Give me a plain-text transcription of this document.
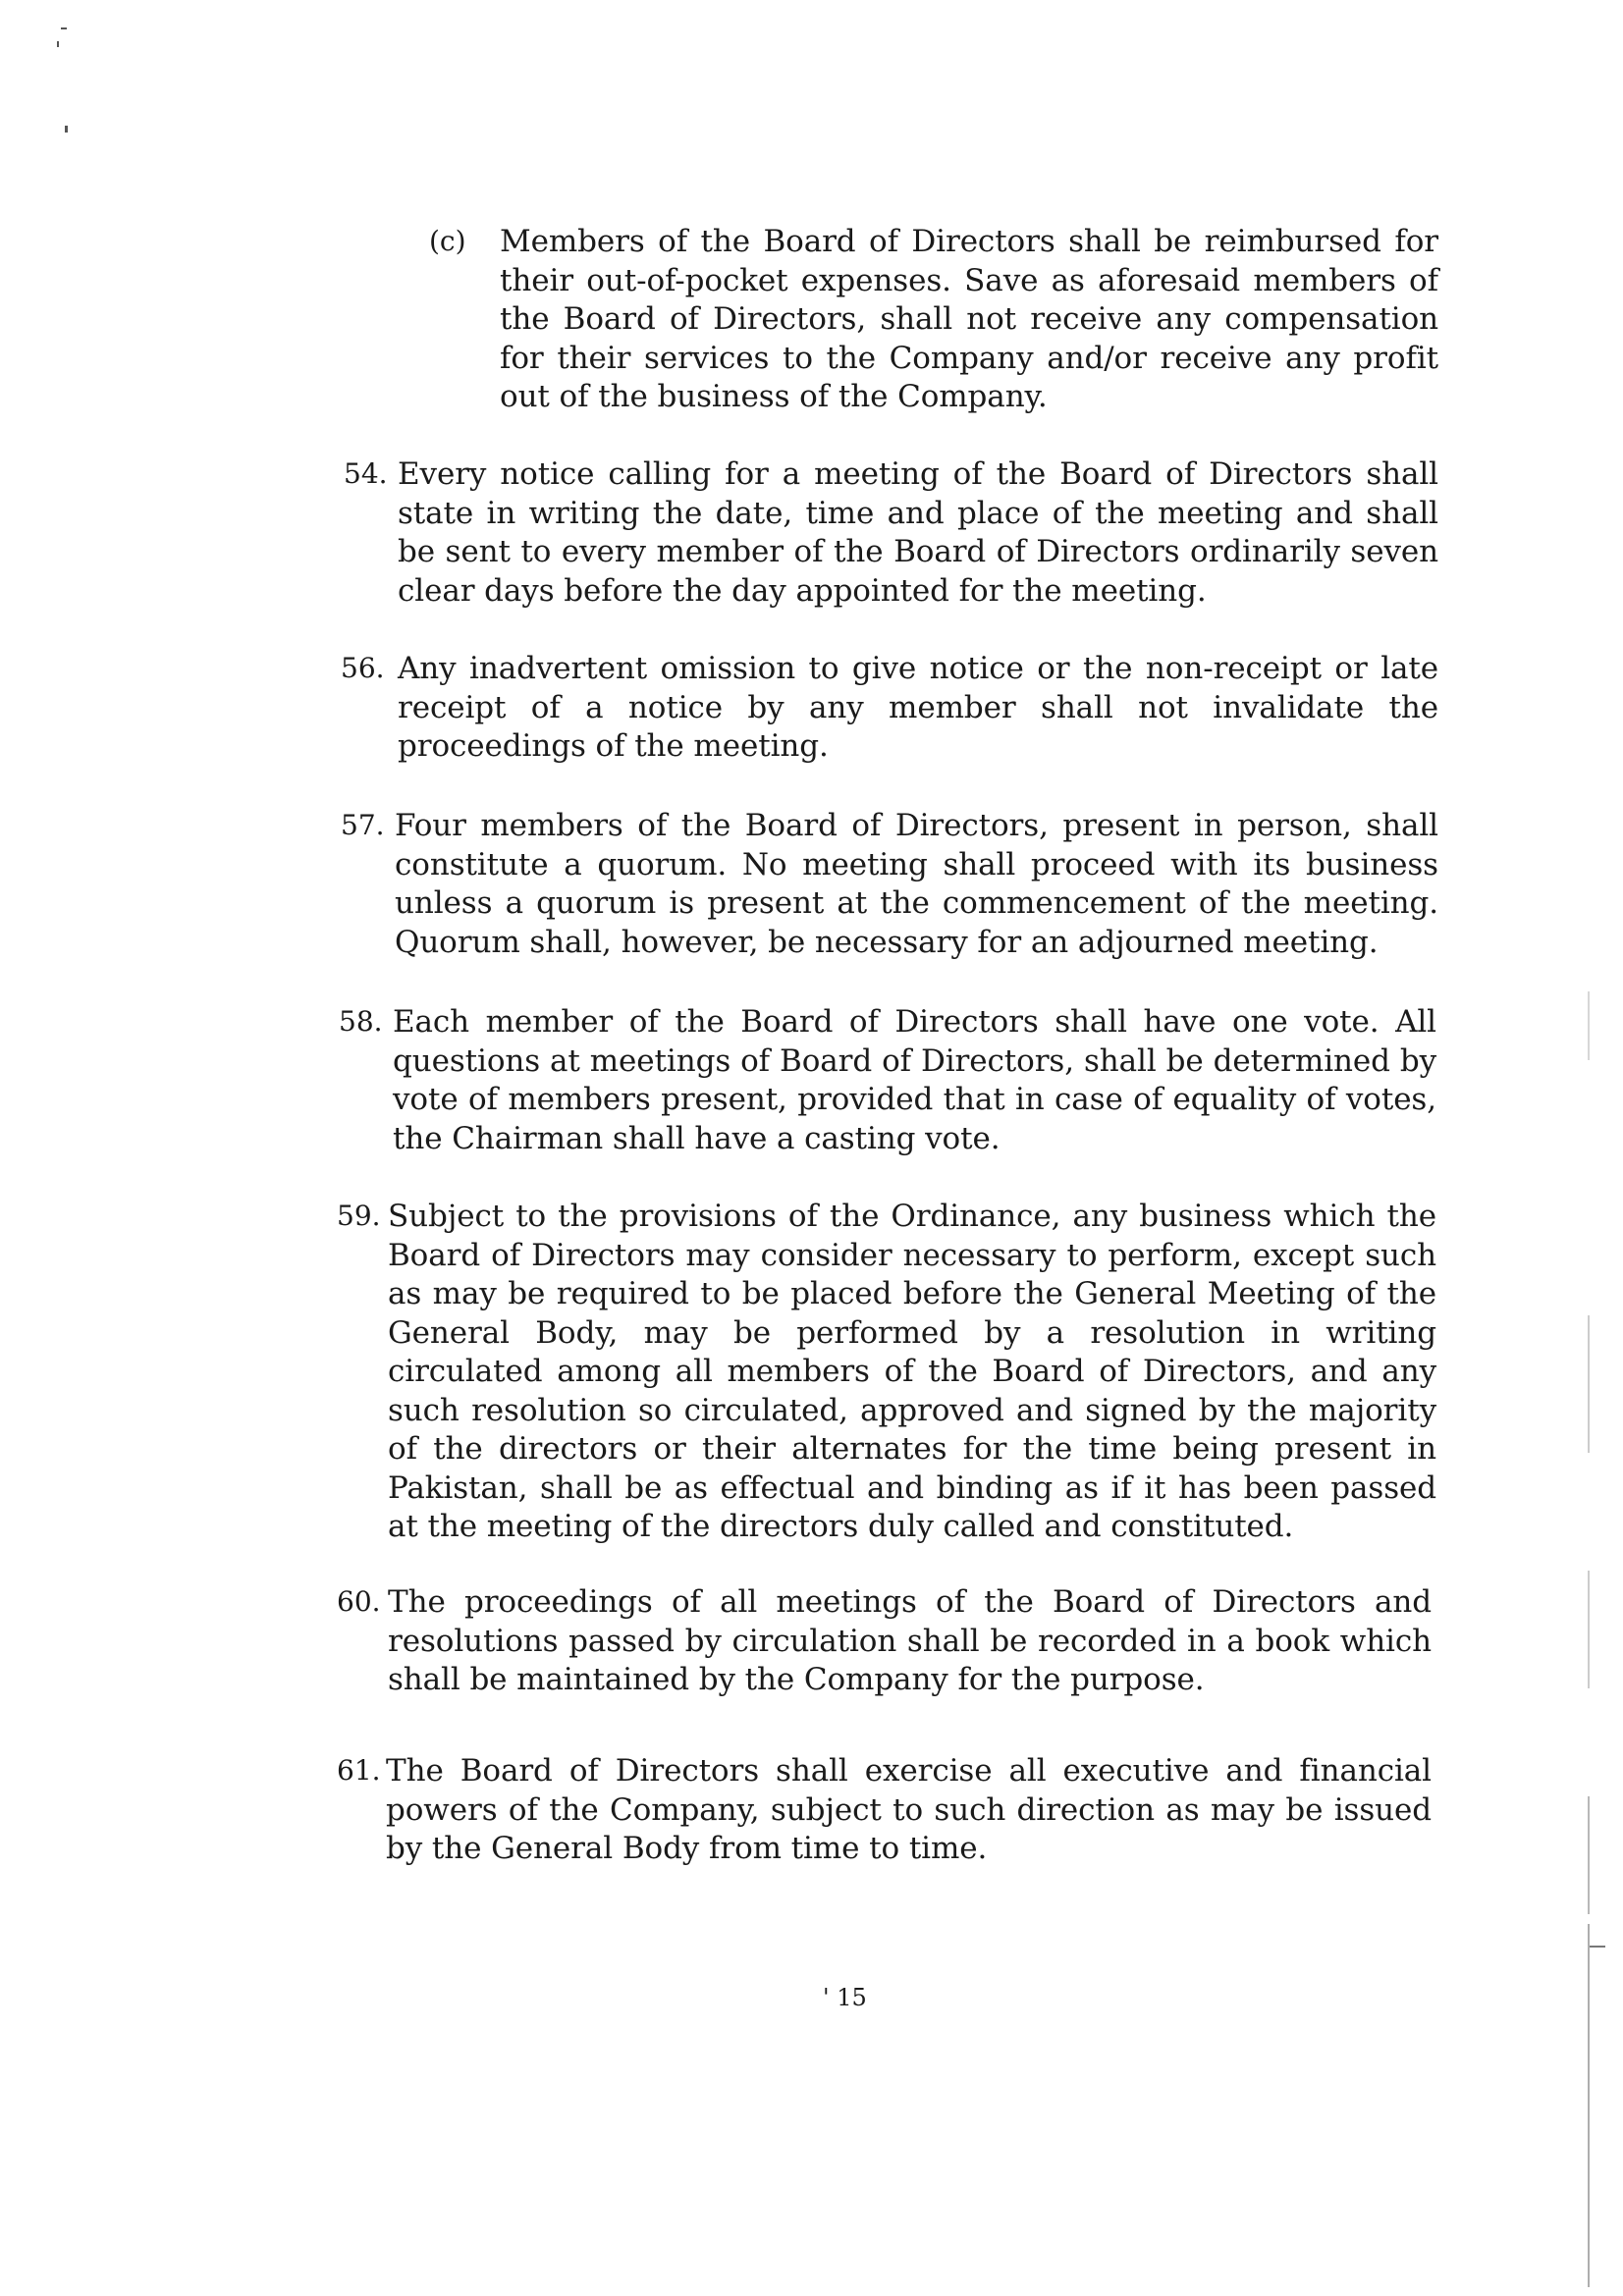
(c)	Members of the Board of Directors shall be reimbursed for their out-of-pocket expenses. Save as aforesaid members of the Board of Directors, shall not receive any compensation for their services to the Company and/or receive any profit out of the business of the Company.
54. Every notice calling for a meeting of the Board of Directors shall state in writing the date, time and place of the meeting and shall be sent to every member of the Board of Directors ordinarily seven clear days before the day appointed for the meeting.
56. Any inadvertent omission to give notice or the non-receipt or late receipt of a notice by any member shall not invalidate the proceedings of the meeting.
57. Four members of the Board of Directors, present in person, shall constitute a quorum. No meeting shall proceed with its business unless a quorum is present at the commencement of the meeting. Quorum shall, however, be necessary for an adjourned meeting.
58. Each member of the Board of Directors shall have one vote. All questions at meetings of Board of Directors, shall be determined by vote of members present, provided that in case of equality of votes, the Chairman shall have a casting vote.
59. Subject to the provisions of the Ordinance, any business which the Board of Directors may consider necessary to perform, except such as may be required to be placed before the General Meeting of the General Body, may be performed by a resolution in writing circulated among all members of the Board of Directors, and any such resolution so circulated, approved and signed by the majority of the directors or their alternates for the time being present in Pakistan, shall be as effectual and binding as if it has been passed at the meeting of the directors duly called and constituted.
60. The proceedings of all meetings of the Board of Directors and resolutions passed by circulation shall be recorded in a book which shall be maintained by the Company for the purpose.
61. The Board of Directors shall exercise all executive and financial powers of the Company, subject to such direction as may be issued by the General Body from time to time.
' 15
